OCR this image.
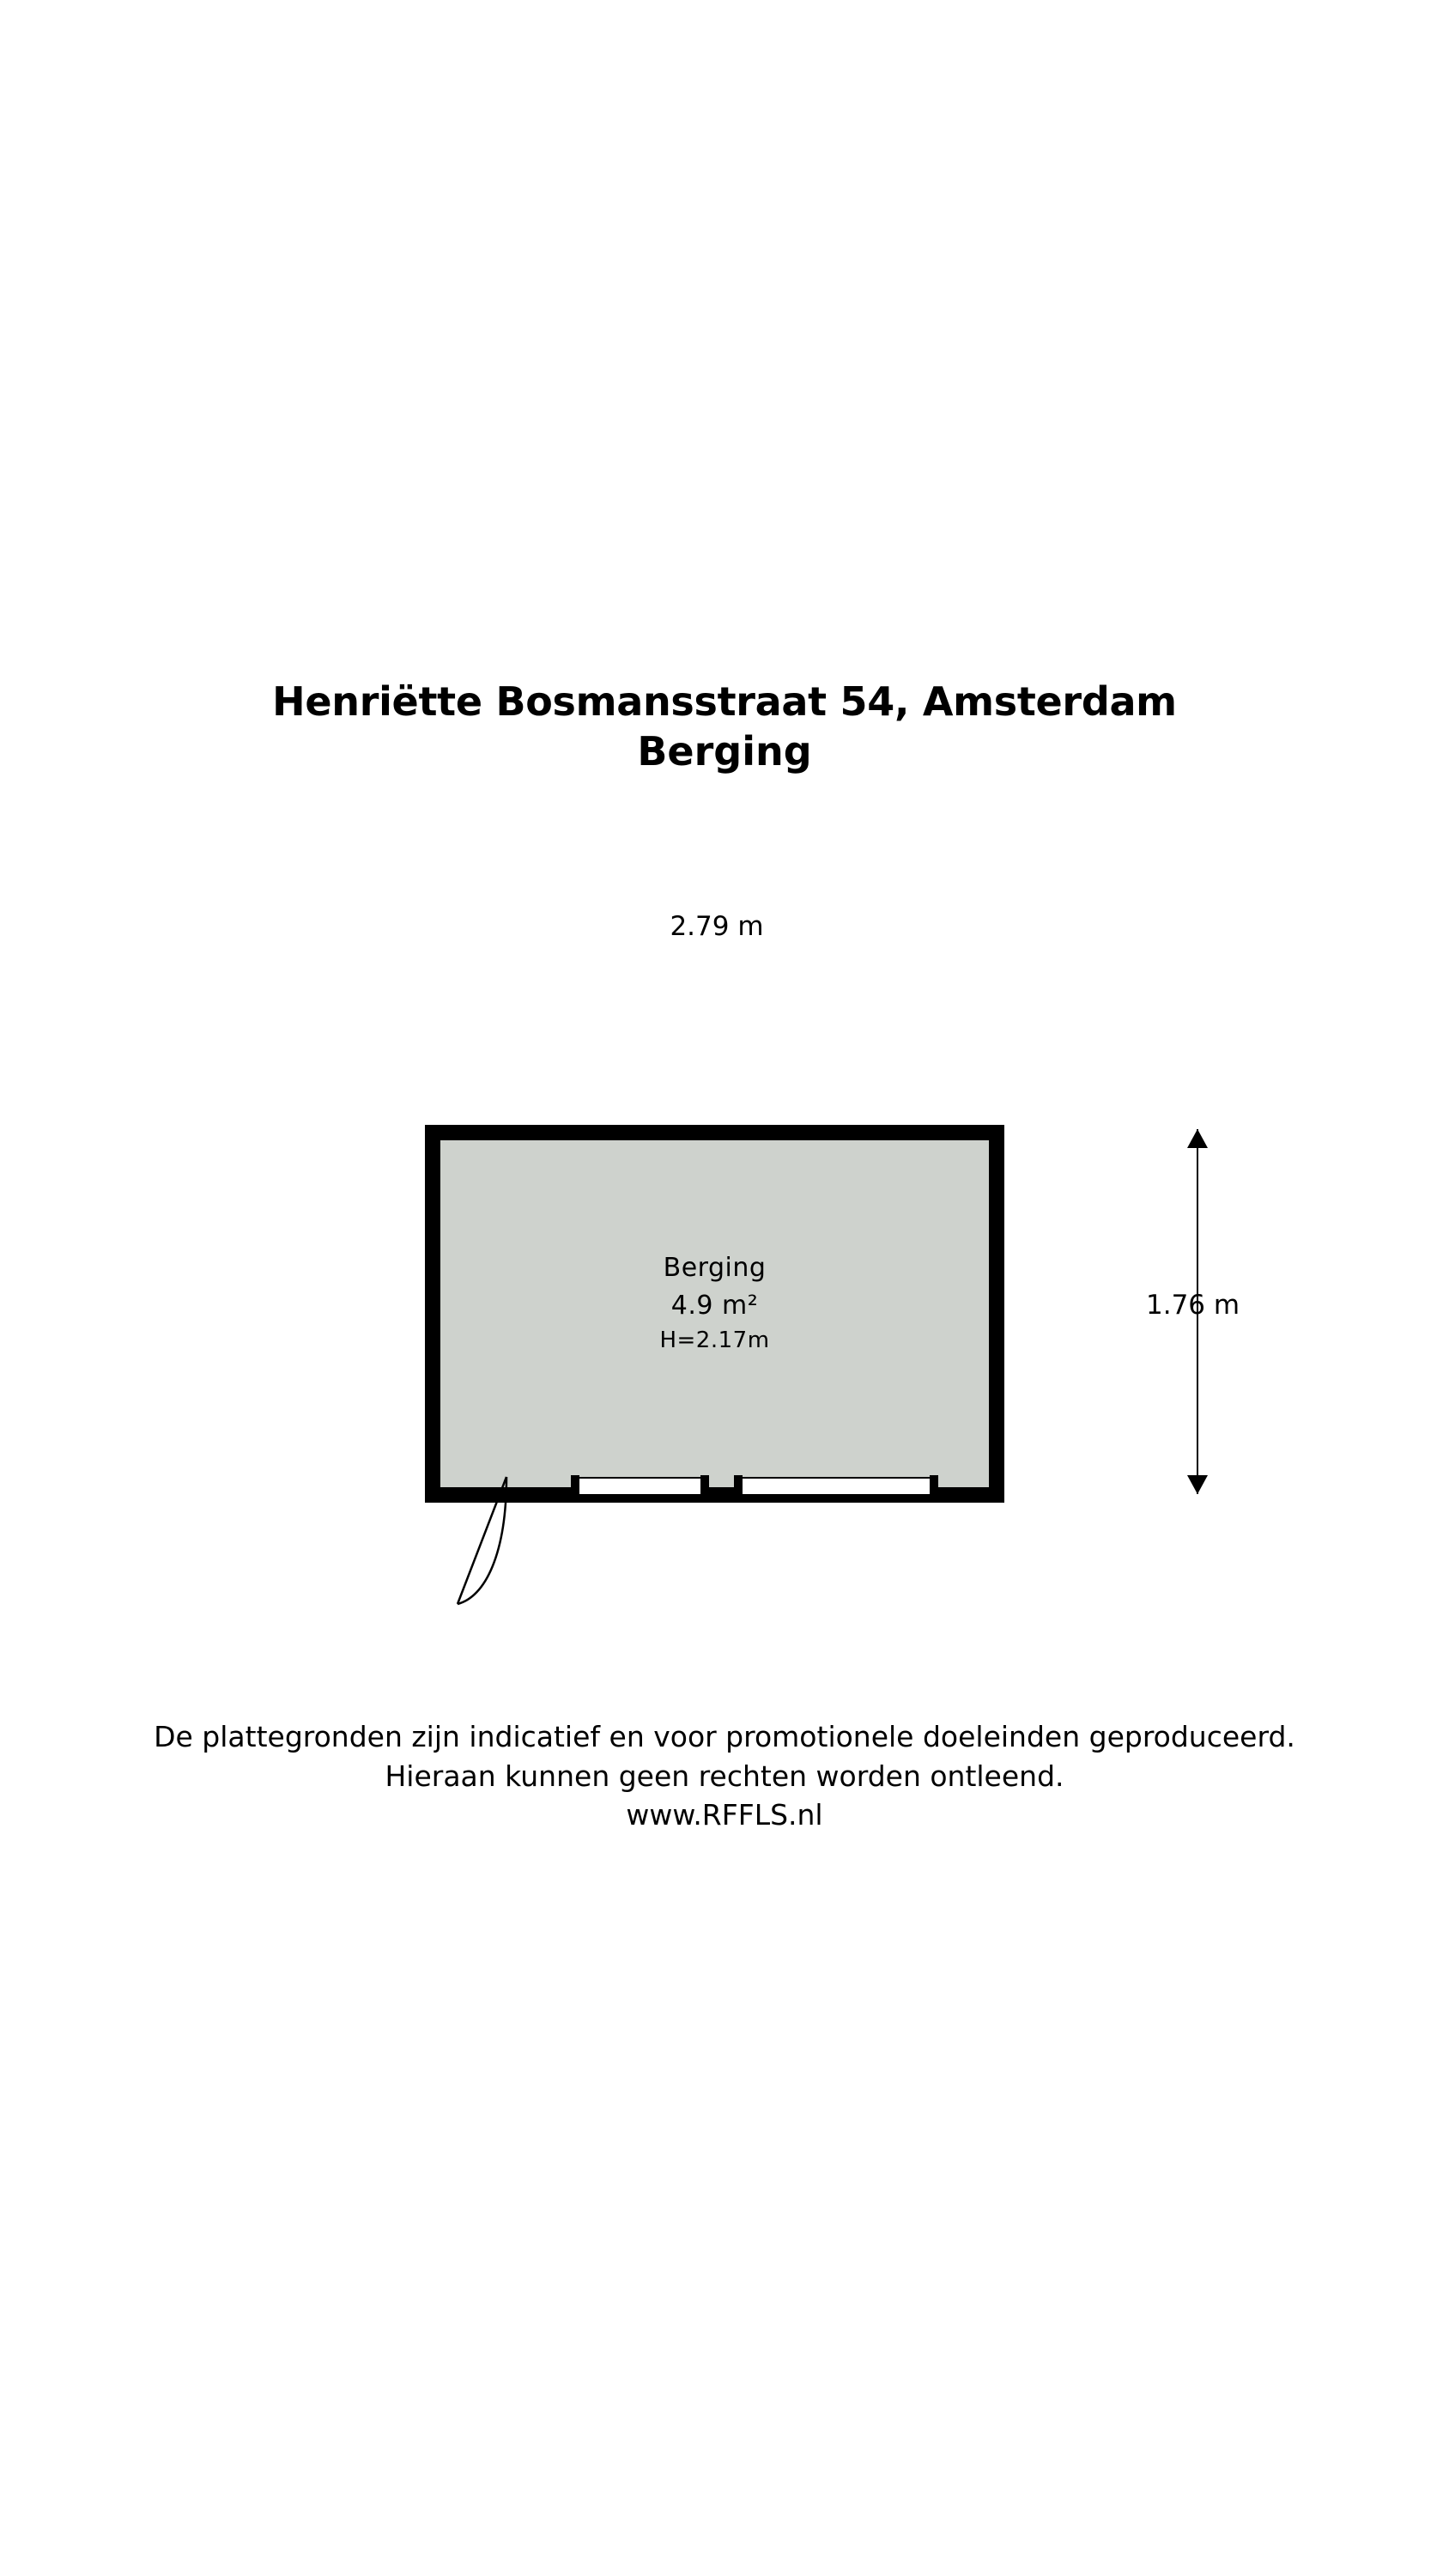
Henriëtte Bosmansstraat 54, Amsterdam
Berging
2.79 m
Berging
4.9 m²
H=2.17m
1.76 m
De plattegronden zijn indicatief en voor promotionele doeleinden geproduceerd.
Hieraan kunnen geen rechten worden ontleend.
www.RFFLS.nl
